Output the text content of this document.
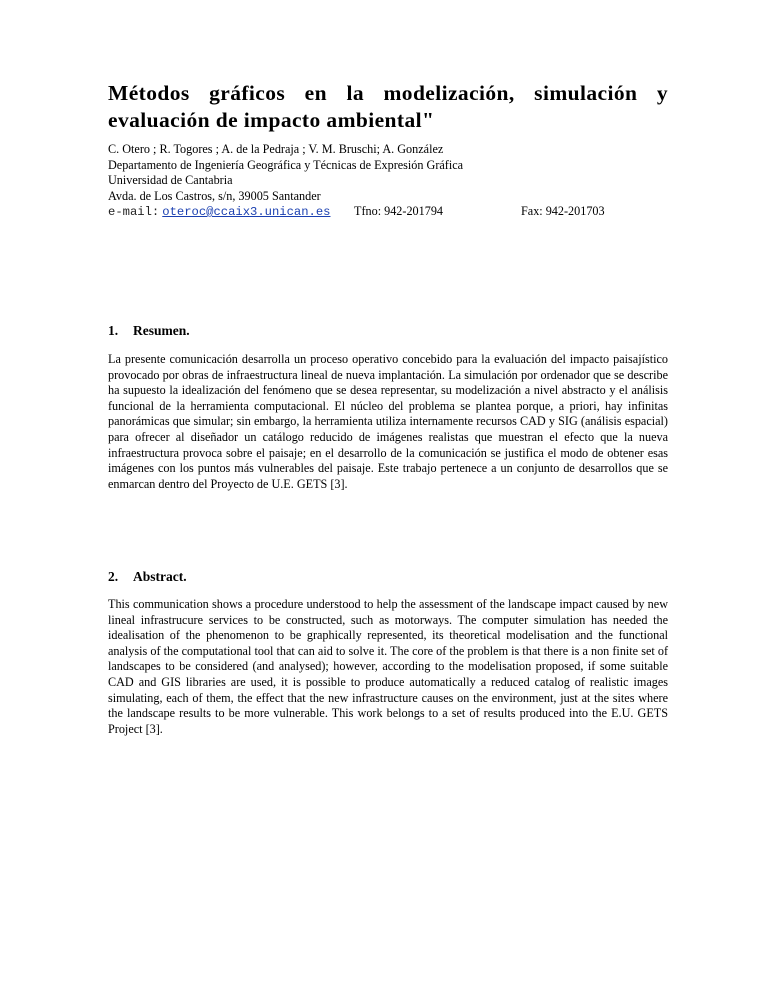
Métodos gráficos en la modelización, simulación y evaluación de impacto ambiental"
C. Otero ; R. Togores ; A. de la Pedraja ; V. M. Bruschi; A. González
Departamento de Ingeniería Geográfica y Técnicas de Expresión Gráfica
Universidad de Cantabria
Avda. de Los Castros, s/n, 39005 Santander
e-mail: oteroc@ccaix3.unican.es Tfno: 942-201794	Fax: 942-201703
1. Resumen.

La presente comunicación desarrolla un proceso operativo concebido para la evaluación del impacto paisajístico provocado por obras de infraestructura lineal de nueva implantación. La simulación por ordenador que se describe ha supuesto la idealización del fenómeno que se desea representar, su modelización a nivel abstracto y el análisis funcional de la herramienta computacional. El núcleo del problema se plantea porque, a priori, hay infinitas panorámicas que simular; sin embargo, la herramienta utiliza internamente recursos CAD y SIG (análisis espacial) para ofrecer al diseñador un catálogo reducido de imágenes realistas que muestran el efecto que la nueva infraestructura provoca sobre el paisaje; en el desarrollo de la comunicación se justifica el modo de obtener esas imágenes con los puntos más vulnerables del paisaje. Este trabajo pertenece a un conjunto de desarrollos que se enmarcan dentro del Proyecto de U.E. GETS [3].

2. Abstract.

This communication shows a procedure understood to help the assessment of the landscape impact caused by new lineal infrastrucure services to be constructed, such as motorways. The computer simulation has needed the idealisation of the phenomenon to be graphically represented, its theoretical modelisation and the functional analysis of the computational tool that can aid to solve it. The core of the problem is that there is a non finite set of landscapes to be considered (and analysed); however, according to the modelisation proposed, if some suitable CAD and GIS libraries are used, it is possible to produce automatically a reduced catalog of realistic images simulating, each of them, the effect that the new infrastructure causes on the environment, just at the sites where the landscape results to be more vulnerable. This work belongs to a set of results produced into the E.U. GETS Project [3].
